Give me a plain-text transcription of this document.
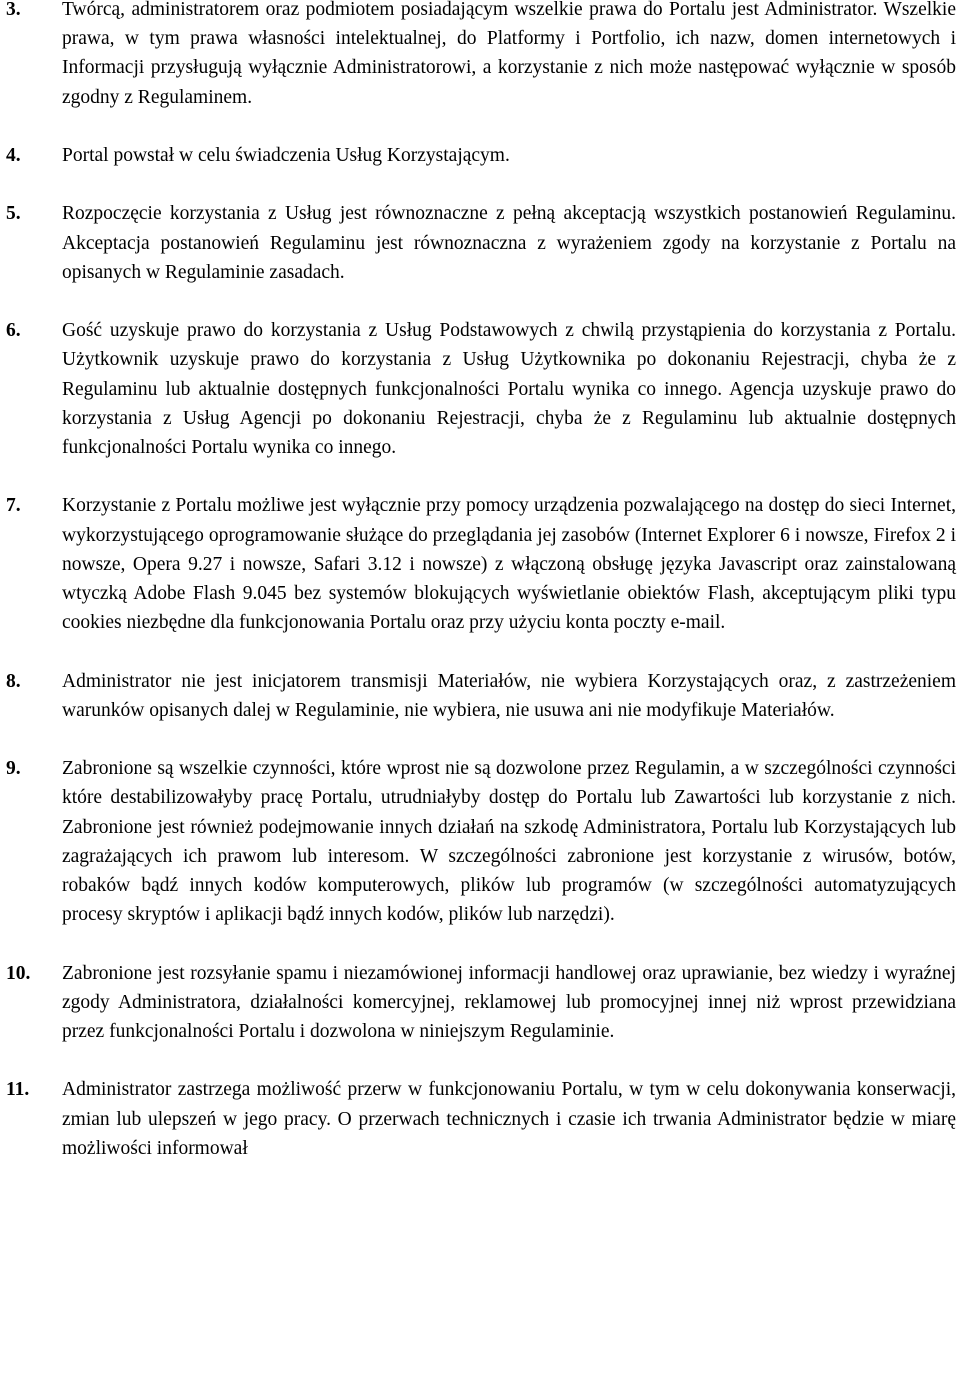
3.	Twórcą, administratorem oraz podmiotem posiadającym wszelkie prawa do Portalu jest Administrator. Wszelkie prawa, w tym prawa własności intelektualnej, do Platformy i Portfolio, ich nazw, domen internetowych i Informacji przysługują wyłącznie Administratorowi, a korzystanie z nich może następować wyłącznie w sposób zgodny z Regulaminem.
4.	Portal powstał w celu świadczenia Usług Korzystającym.
5.	Rozpoczęcie korzystania z Usług jest równoznaczne z pełną akceptacją wszystkich postanowień Regulaminu. Akceptacja postanowień Regulaminu jest równoznaczna z wyrażeniem zgody na korzystanie z Portalu na opisanych w Regulaminie zasadach.
6.	Gość uzyskuje prawo do korzystania z Usług Podstawowych z chwilą przystąpienia do korzystania z Portalu. Użytkownik uzyskuje prawo do korzystania z Usług Użytkownika po dokonaniu Rejestracji, chyba że z Regulaminu lub aktualnie dostępnych funkcjonalności Portalu wynika co innego. Agencja uzyskuje prawo do korzystania z Usług Agencji po dokonaniu Rejestracji, chyba że z Regulaminu lub aktualnie dostępnych funkcjonalności Portalu wynika co innego.
7.	Korzystanie z Portalu możliwe jest wyłącznie przy pomocy urządzenia pozwalającego na dostęp do sieci Internet, wykorzystującego oprogramowanie służące do przeglądania jej zasobów (Internet Explorer 6 i nowsze, Firefox 2 i nowsze, Opera 9.27 i nowsze, Safari 3.12 i nowsze) z włączoną obsługę języka Javascript oraz zainstalowaną wtyczką Adobe Flash 9.045 bez systemów blokujących wyświetlanie obiektów Flash, akceptującym pliki typu cookies niezbędne dla funkcjonowania Portalu oraz przy użyciu konta poczty e-mail.
8.	Administrator nie jest inicjatorem transmisji Materiałów, nie wybiera Korzystających oraz, z zastrzeżeniem warunków opisanych dalej w Regulaminie, nie wybiera, nie usuwa ani nie modyfikuje Materiałów.
9.	Zabronione są wszelkie czynności, które wprost nie są dozwolone przez Regulamin, a w szczególności czynności które destabilizowałyby pracę Portalu, utrudniałyby dostęp do Portalu lub Zawartości lub korzystanie z nich. Zabronione jest również podejmowanie innych działań na szkodę Administratora, Portalu lub Korzystających lub zagrażających ich prawom lub interesom. W szczególności zabronione jest korzystanie z wirusów, botów, robaków bądź innych kodów komputerowych, plików lub programów (w szczególności automatyzujących procesy skryptów i aplikacji bądź innych kodów, plików lub narzędzi).
10.	Zabronione jest rozsyłanie spamu i niezamówionej informacji handlowej oraz uprawianie, bez wiedzy i wyraźnej zgody Administratora, działalności komercyjnej, reklamowej lub promocyjnej innej niż wprost przewidziana przez funkcjonalności Portalu i dozwolona w niniejszym Regulaminie.
11.	Administrator zastrzega możliwość przerw w funkcjonowaniu Portalu, w tym w celu dokonywania konserwacji, zmian lub ulepszeń w jego pracy. O przerwach technicznych i czasie ich trwania Administrator będzie w miarę możliwości informował
